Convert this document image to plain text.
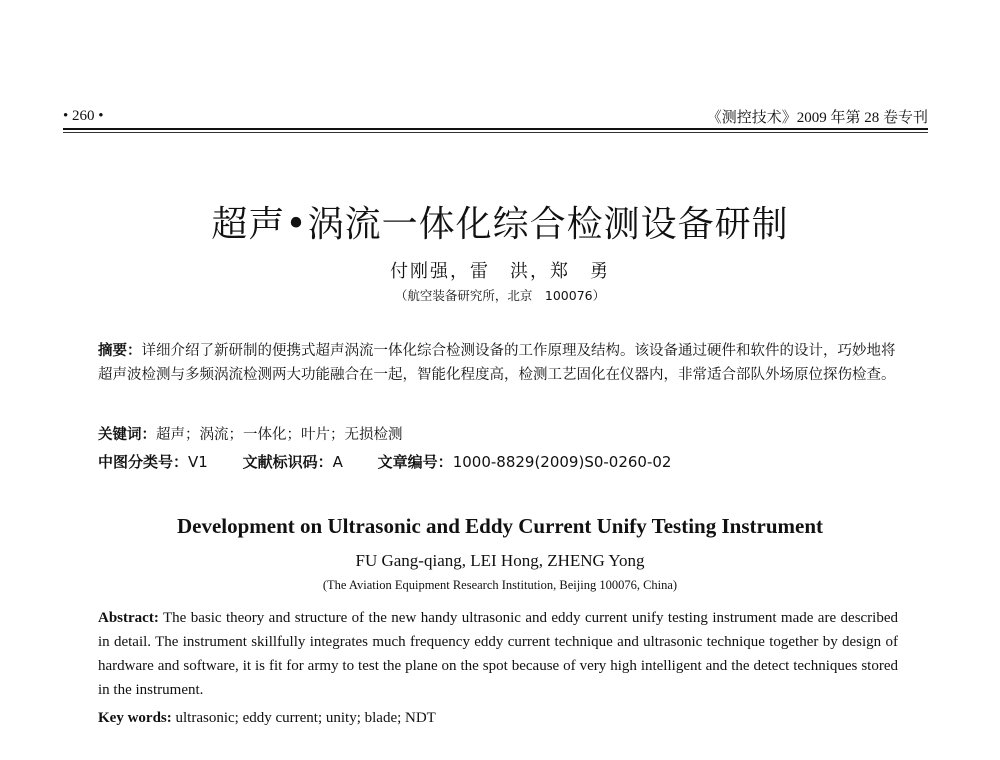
• 260 •	《测控技术》2009 年第 28 卷专刊
超声•涡流一体化综合检测设备研制
付刚强，雷　洪，郑　勇
（航空装备研究所，北京　100076）
摘要：详细介绍了新研制的便携式超声涡流一体化综合检测设备的工作原理及结构。该设备通过硬件和软件的设计，巧妙地将超声波检测与多频涡流检测两大功能融合在一起，智能化程度高，检测工艺固化在仪器内，非常适合部队外场原位探伤检查。
关键词：超声；涡流；一体化；叶片；无损检测
中图分类号：V1 文献标识码：A 文章编号：1000-8829(2009)S0-0260-02
Development on Ultrasonic and Eddy Current Unify Testing Instrument
FU Gang-qiang, LEI Hong, ZHENG Yong
(The Aviation Equipment Research Institution, Beijing 100076, China)
Abstract: The basic theory and structure of the new handy ultrasonic and eddy current unify testing instrument made are described in detail. The instrument skillfully integrates much frequency eddy current technique and ultrasonic technique together by design of hardware and software, it is fit for army to test the plane on the spot because of very high intelligent and the detect techniques stored in the instrument.
Key words: ultrasonic; eddy current; unity; blade; NDT
